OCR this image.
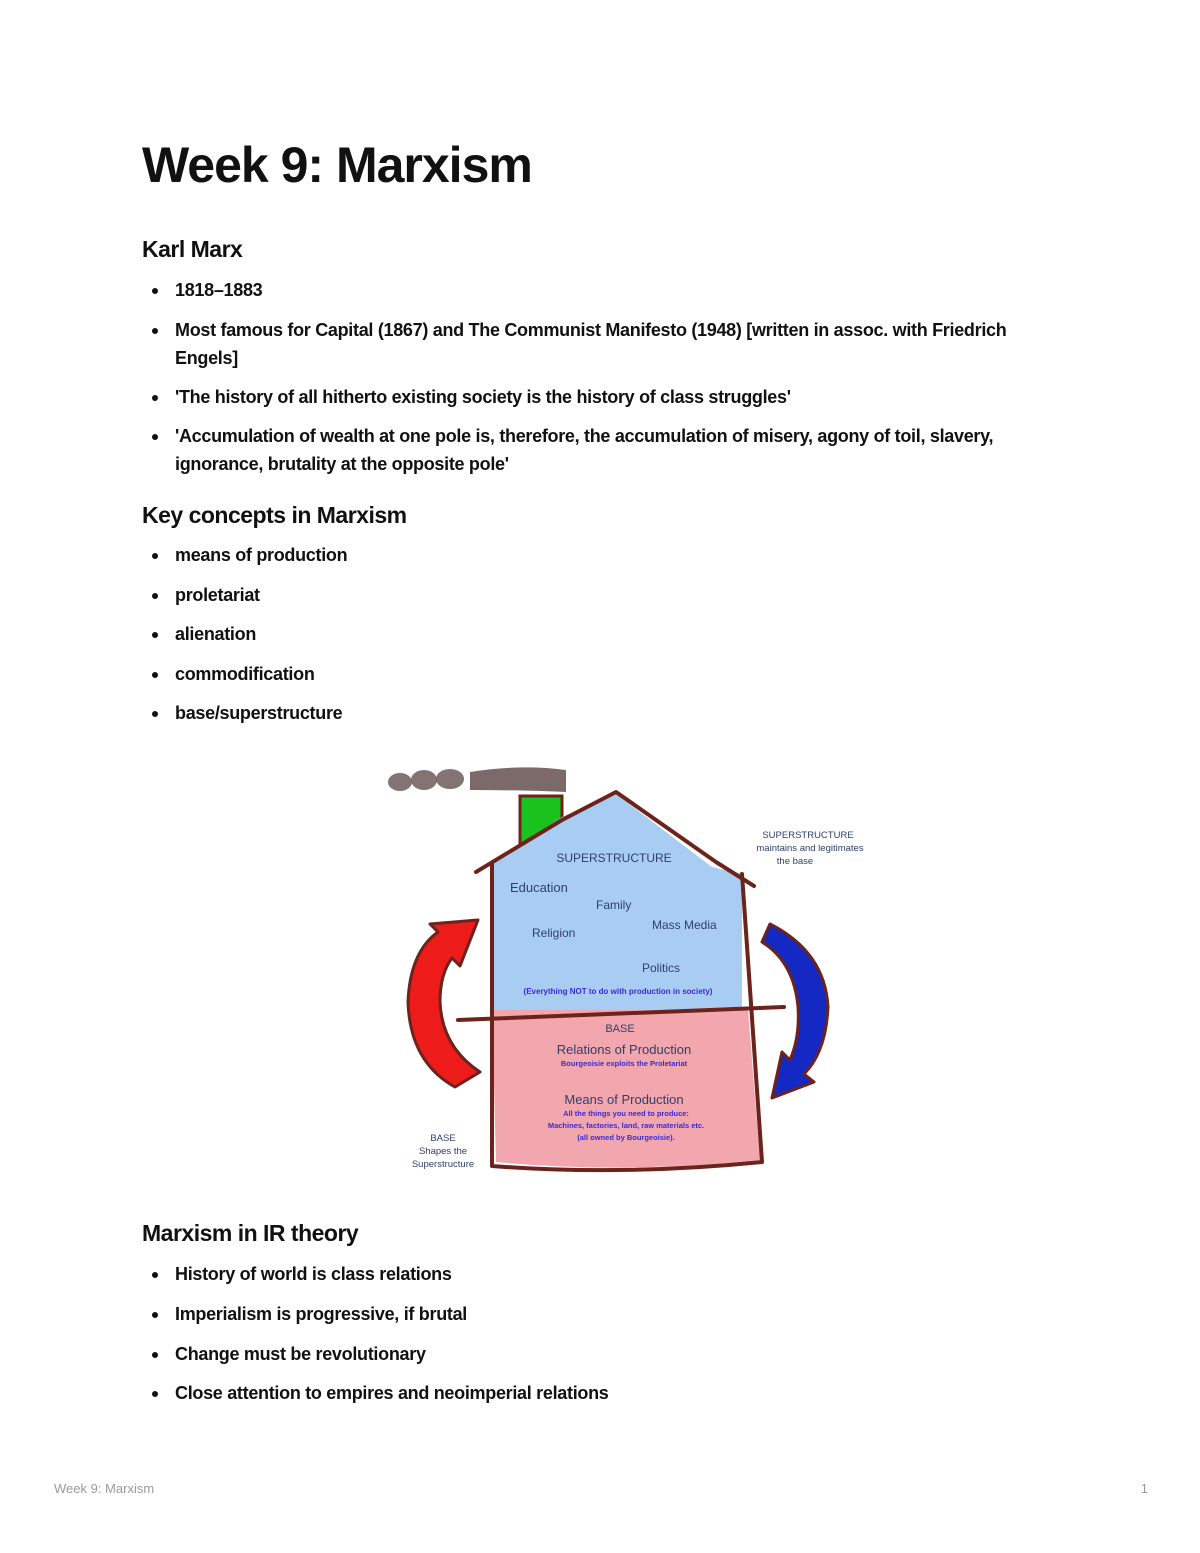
Week 9: Marxism
Karl Marx
1818–1883
Most famous for Capital (1867) and The Communist Manifesto (1948) [written in assoc. with Friedrich Engels]
'The history of all hitherto existing society is the history of class struggles'
'Accumulation of wealth at one pole is, therefore, the accumulation of misery, agony of toil, slavery, ignorance, brutality at the opposite pole'
Key concepts in Marxism
means of production
proletariat
alienation
commodification
base/superstructure
SUPERSTRUCTURE
Education
Family
Mass Media
Religion
Politics
(Everything NOT to do with production in society)
BASE
Relations of Production
Bourgeoisie exploits the Proletariat
Means of Production
All the things you need to produce:
Machines, factories, land, raw materials etc.
(all owned by Bourgeoisie).
SUPERSTRUCTURE
maintains and legitimates
the base
BASE
Shapes the
Superstructure
Marxism in IR theory
History of world is class relations
Imperialism is progressive, if brutal
Change must be revolutionary
Close attention to empires and neoimperial relations
Week 9: Marxism	1
